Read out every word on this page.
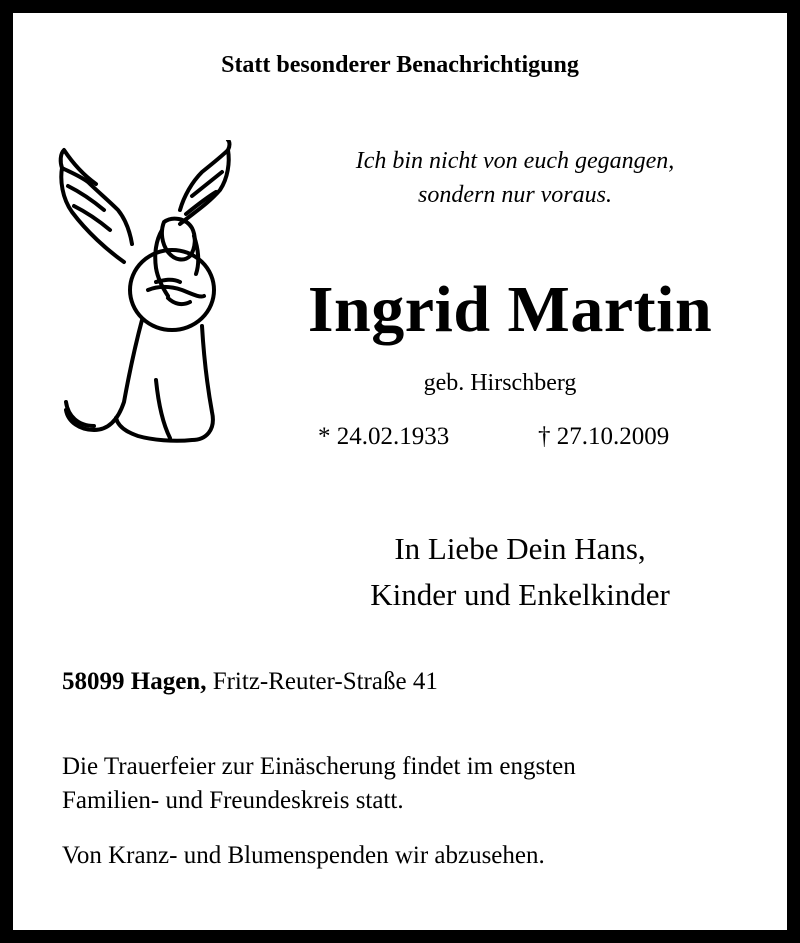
Statt besonderer Benachrichtigung
Ich bin nicht von euch gegangen,
sondern nur voraus.
Ingrid Martin
geb. Hirschberg
* 24.02.1933	† 27.10.2009
In Liebe Dein Hans,
Kinder und Enkelkinder
58099 Hagen, Fritz-Reuter-Straße 41
Die Trauerfeier zur Einäscherung findet im engsten
Familien- und Freundeskreis statt.
Von Kranz- und Blumenspenden wir abzusehen.
